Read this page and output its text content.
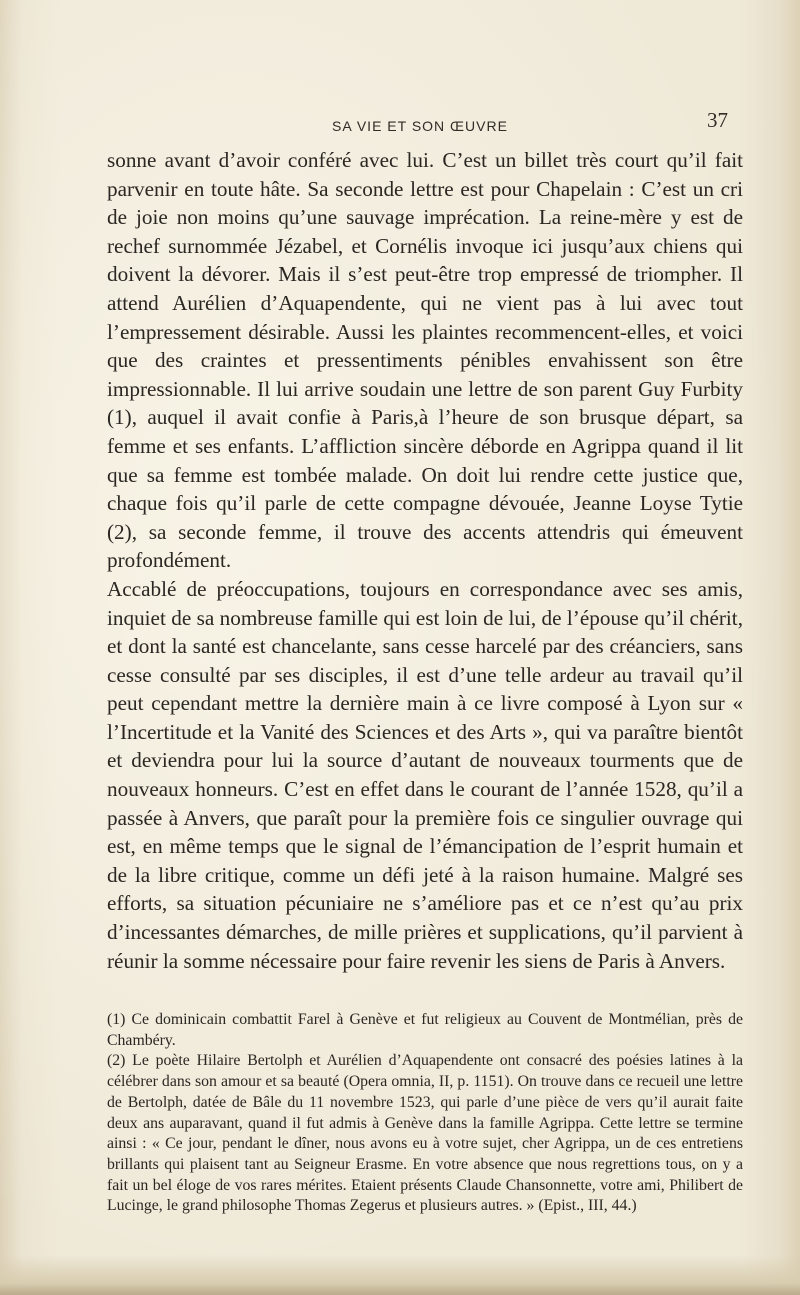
SA VIE ET SON ŒUVRE	37

sonne avant d’avoir conféré avec lui. C’est un billet très court qu’il fait parvenir en toute hâte. Sa seconde lettre est pour Chapelain : C’est un cri de joie non moins qu’une sauvage imprécation. La reine-mère y est de rechef surnommée Jézabel, et Cornélis invoque ici jusqu’aux chiens qui doivent la dévorer. Mais il s’est peut-être trop empressé de triompher. Il attend Aurélien d’Aquapendente, qui ne vient pas à lui avec tout l’empressement désirable. Aussi les plaintes recommencent-elles, et voici que des craintes et pressentiments pénibles envahissent son être impressionnable. Il lui arrive soudain une lettre de son parent Guy Furbity (1), auquel il avait confie à Paris,à l’heure de son brusque départ, sa femme et ses enfants. L’affliction sincère déborde en Agrippa quand il lit que sa femme est tombée malade. On doit lui rendre cette justice que, chaque fois qu’il parle de cette compagne dévouée, Jeanne Loyse Tytie (2), sa seconde femme, il trouve des accents attendris qui émeuvent profondément.

Accablé de préoccupations, toujours en correspondance avec ses amis, inquiet de sa nombreuse famille qui est loin de lui, de l’épouse qu’il chérit, et dont la santé est chancelante, sans cesse harcelé par des créanciers, sans cesse consulté par ses disciples, il est d’une telle ardeur au travail qu’il peut cependant mettre la dernière main à ce livre composé à Lyon sur « l’Incertitude et la Vanité des Sciences et des Arts », qui va paraître bientôt et deviendra pour lui la source d’autant de nouveaux tourments que de nouveaux honneurs. C’est en effet dans le courant de l’année 1528, qu’il a passée à Anvers, que paraît pour la première fois ce singulier ouvrage qui est, en même temps que le signal de l’émancipation de l’esprit humain et de la libre critique, comme un défi jeté à la raison humaine. Malgré ses efforts, sa situation pécuniaire ne s’améliore pas et ce n’est qu’au prix d’incessantes démarches, de mille prières et supplications, qu’il parvient à réunir la somme nécessaire pour faire revenir les siens de Paris à Anvers.

(1) Ce dominicain combattit Farel à Genève et fut religieux au Couvent de Montmélian, près de Chambéry.

(2) Le poète Hilaire Bertolph et Aurélien d’Aquapendente ont consacré des poésies latines à la célébrer dans son amour et sa beauté (Opera omnia, II, p. 1151). On trouve dans ce recueil une lettre de Bertolph, datée de Bâle du 11 novembre 1523, qui parle d’une pièce de vers qu’il aurait faite deux ans auparavant, quand il fut admis à Genève dans la famille Agrippa. Cette lettre se termine ainsi : « Ce jour, pendant le dîner, nous avons eu à votre sujet, cher Agrippa, un de ces entretiens brillants qui plaisent tant au Seigneur Erasme. En votre absence que nous regrettions tous, on y a fait un bel éloge de vos rares mérites. Etaient présents Claude Chansonnette, votre ami, Philibert de Lucinge, le grand philosophe Thomas Zegerus et plusieurs autres. » (Epist., III, 44.)
